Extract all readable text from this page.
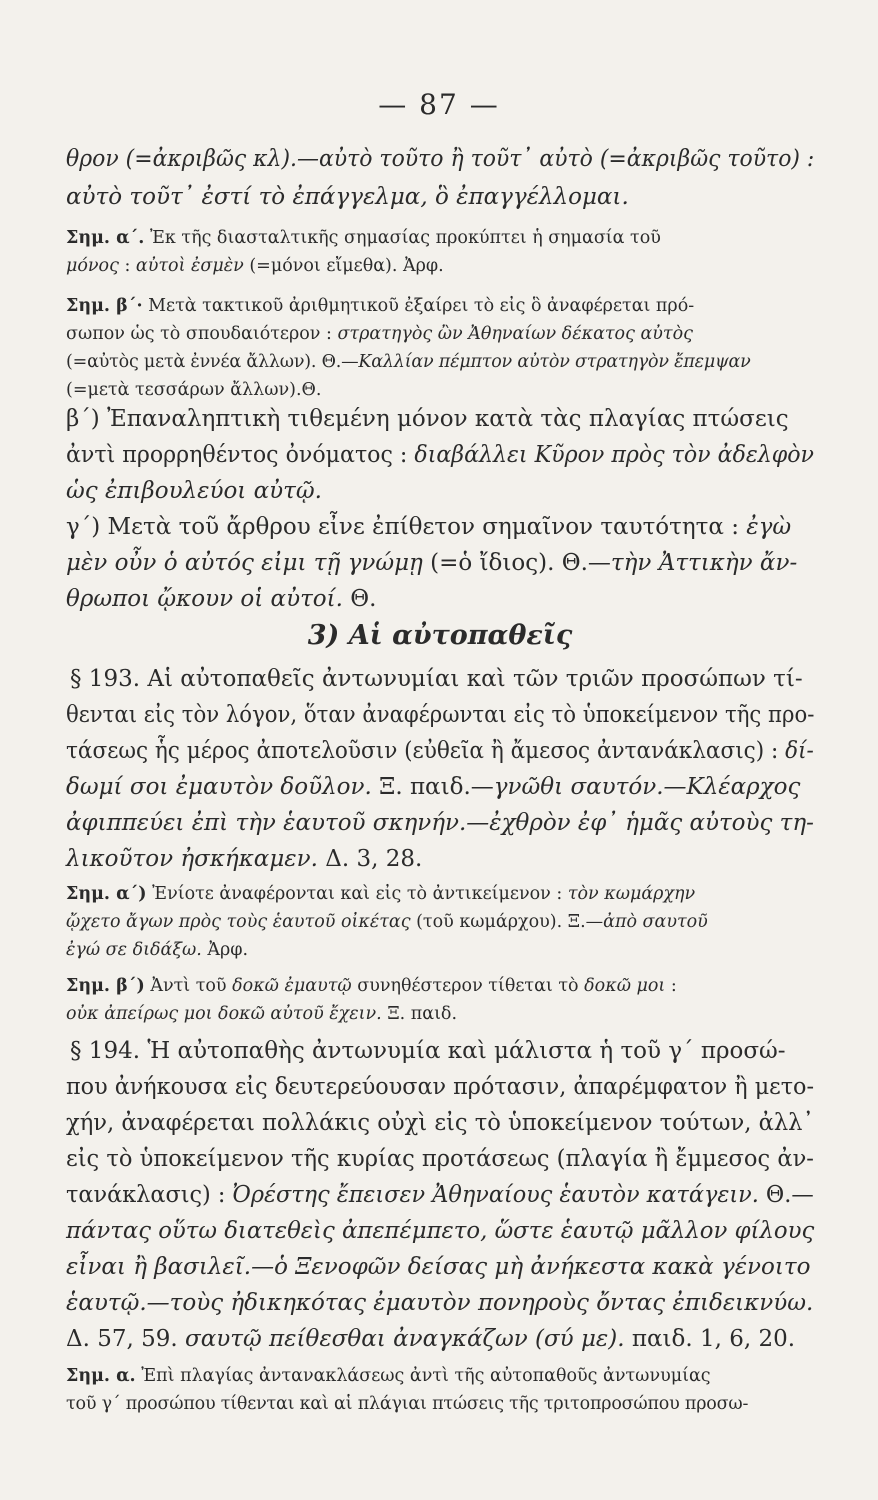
— 87 —
θρον (=ἀκριβῶς κλ).—αὐτὸ τοῦτο ἢ τοῦτ᾽ αὐτὸ (=ἀκριβῶς τοῦτο) :
αὐτὸ τοῦτ᾽ ἐστί τὸ ἐπάγγελμα, ὃ ἐπαγγέλλομαι.
Σημ. α΄. Ἐκ τῆς διασταλτικῆς σημασίας προκύπτει ἡ σημασία τοῦ
μόνος : αὐτοὶ ἐσμὲν (=μόνοι εἴμεθα). Ἀρφ.
Σημ. β΄· Μετὰ τακτικοῦ ἀριθμητικοῦ ἐξαίρει τὸ εἰς ὃ ἀναφέρεται πρό-
σωπον ὡς τὸ σπουδαιότερον : στρατηγὸς ὢν Ἀθηναίων δέκατος αὐτὸς
(=αὐτὸς μετὰ ἐννέα ἄλλων). Θ.—Καλλίαν πέμπτον αὐτὸν στρατηγὸν ἔπεμψαν
(=μετὰ τεσσάρων ἄλλων).Θ.
β΄) Ἐπαναληπτικὴ τιθεμένη μόνον κατὰ τὰς πλαγίας πτώσεις
ἀντὶ προρρηθέντος ὀνόματος : διαβάλλει Κῦρον πρὸς τὸν ἀδελφὸν
ὡς ἐπιβουλεύοι αὐτῷ.
γ΄) Μετὰ τοῦ ἄρθρου εἶνε ἐπίθετον σημαῖνον ταυτότητα : ἐγὼ
μὲν οὖν ὁ αὐτός εἰμι τῇ γνώμῃ (=ὁ ἴδιος). Θ.—τὴν Ἀττικὴν ἄν-
θρωποι ᾤκουν οἱ αὐτοί. Θ.
3) Αἱ αὐτοπαθεῖς
§ 193. Αἱ αὐτοπαθεῖς ἀντωνυμίαι καὶ τῶν τριῶν προσώπων τί-
θενται εἰς τὸν λόγον, ὅταν ἀναφέρωνται εἰς τὸ ὑποκείμενον τῆς προ-
τάσεως ἧς μέρος ἀποτελοῦσιν (εὐθεῖα ἢ ἄμεσος ἀντανάκλασις) : δί-
δωμί σοι ἐμαυτὸν δοῦλον. Ξ. παιδ.—γνῶθι σαυτόν.—Κλέαρχος
ἀφιππεύει ἐπὶ τὴν ἑαυτοῦ σκηνήν.—ἐχθρὸν ἐφ᾽ ἡμᾶς αὐτοὺς τη-
λικοῦτον ἠσκήκαμεν. Δ. 3, 28.
Σημ. α΄) Ἐνίοτε ἀναφέρονται καὶ εἰς τὸ ἀντικείμενον : τὸν κωμάρχην
ᾤχετο ἄγων πρὸς τοὺς ἑαυτοῦ οἰκέτας (τοῦ κωμάρχου). Ξ.—ἀπὸ σαυτοῦ
ἐγώ σε διδάξω. Ἀρφ.
Σημ. β΄) Ἀντὶ τοῦ δοκῶ ἐμαυτῷ συνηθέστερον τίθεται τὸ δοκῶ μοι :
οὐκ ἀπείρως μοι δοκῶ αὐτοῦ ἔχειν. Ξ. παιδ.
§ 194. Ἡ αὐτοπαθὴς ἀντωνυμία καὶ μάλιστα ἡ τοῦ γ΄ προσώ-
που ἀνήκουσα εἰς δευτερεύουσαν πρότασιν, ἀπαρέμφατον ἢ μετο-
χήν, ἀναφέρεται πολλάκις οὐχὶ εἰς τὸ ὑποκείμενον τούτων, ἀλλ᾽
εἰς τὸ ὑποκείμενον τῆς κυρίας προτάσεως (πλαγία ἢ ἔμμεσος ἀν-
τανάκλασις) : Ὀρέστης ἔπεισεν Ἀθηναίους ἑαυτὸν κατάγειν. Θ.—
πάντας οὕτω διατεθεὶς ἀπεπέμπετο, ὥστε ἑαυτῷ μᾶλλον φίλους
εἶναι ἢ βασιλεῖ.—ὁ Ξενοφῶν δείσας μὴ ἀνήκεστα κακὰ γένοιτο
ἑαυτῷ.—τοὺς ἠδικηκότας ἐμαυτὸν πονηροὺς ὄντας ἐπιδεικνύω.
Δ. 57, 59. σαυτῷ πείθεσθαι ἀναγκάζων (σύ με). παιδ. 1, 6, 20.
Σημ. α. Ἐπὶ πλαγίας ἀντανακλάσεως ἀντὶ τῆς αὐτοπαθοῦς ἀντωνυμίας
τοῦ γ΄ προσώπου τίθενται καὶ αἱ πλάγιαι πτώσεις τῆς τριτοπροσώπου προσω-
